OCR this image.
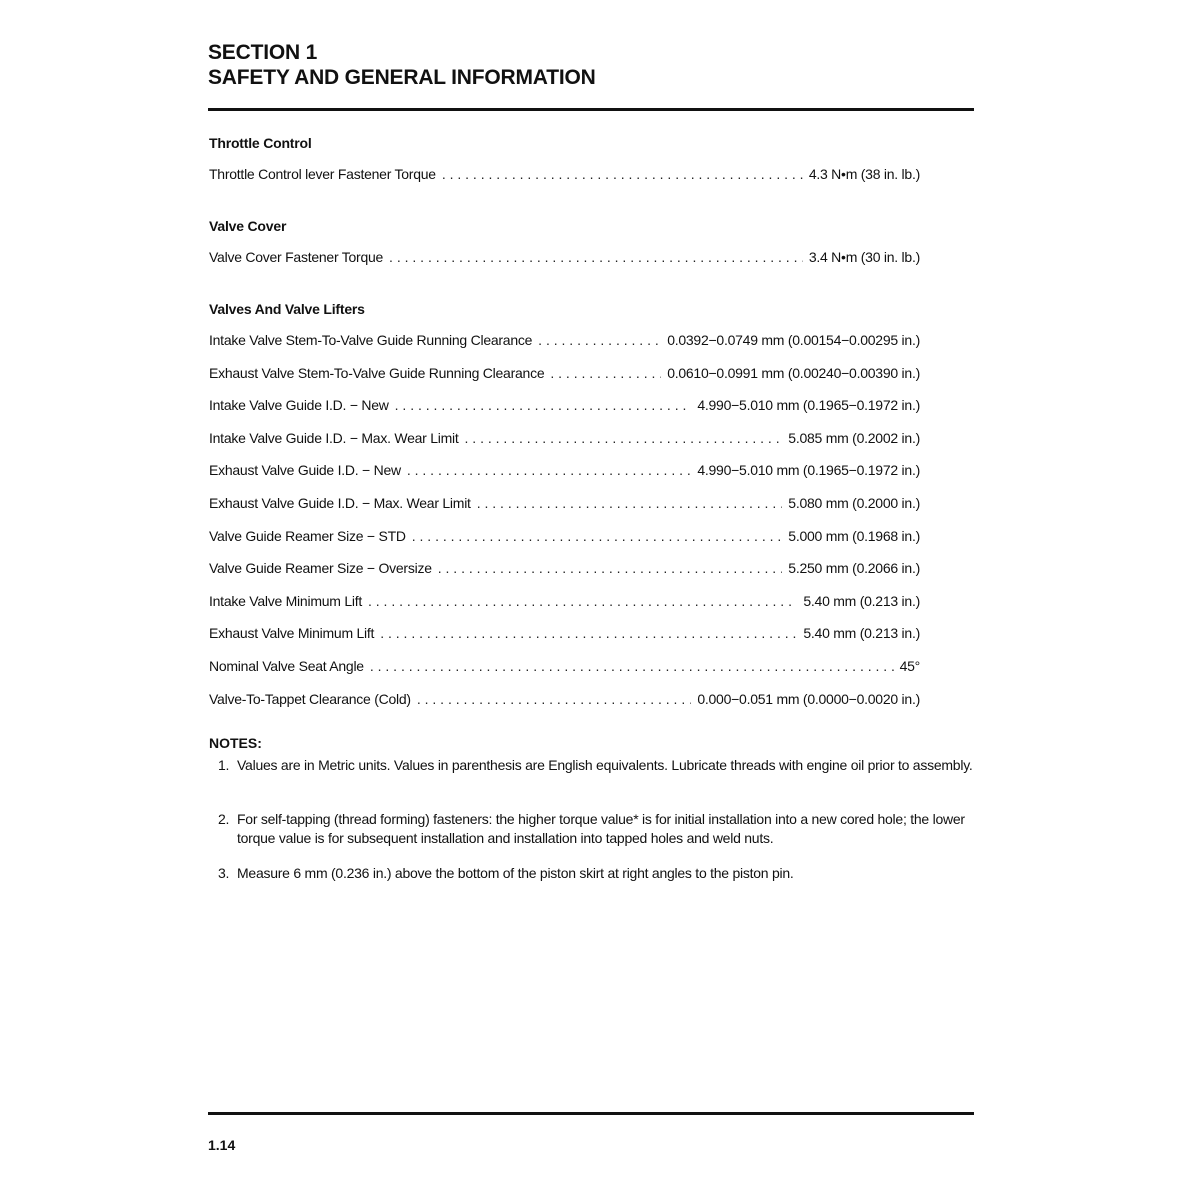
SECTION 1
SAFETY AND GENERAL INFORMATION
Throttle Control
Throttle Control lever Fastener Torque . . .	4.3 N•m (38 in. lb.)
Valve Cover
Valve Cover Fastener Torque . . .	3.4 N•m (30 in. lb.)
Valves And Valve Lifters
Intake Valve Stem-To-Valve Guide Running Clearance . . .	0.0392−0.0749 mm (0.00154−0.00295 in.)
Exhaust Valve Stem-To-Valve Guide Running Clearance . . .	0.0610−0.0991 mm (0.00240−0.00390 in.)
Intake Valve Guide I.D. − New . . .	4.990−5.010 mm (0.1965−0.1972 in.)
Intake Valve Guide I.D. − Max. Wear Limit . . .	5.085 mm (0.2002 in.)
Exhaust Valve Guide I.D. − New . . .	4.990−5.010 mm (0.1965−0.1972 in.)
Exhaust Valve Guide I.D. − Max. Wear Limit . . .	5.080 mm (0.2000 in.)
Valve Guide Reamer Size − STD . . .	5.000 mm (0.1968 in.)
Valve Guide Reamer Size − Oversize . . .	5.250 mm (0.2066 in.)
Intake Valve Minimum Lift . . .	5.40 mm (0.213 in.)
Exhaust Valve Minimum Lift . . .	5.40 mm (0.213 in.)
Nominal Valve Seat Angle . . .	45°
Valve-To-Tappet Clearance (Cold) . . .	0.000−0.051 mm (0.0000−0.0020 in.)
NOTES:
1. Values are in Metric units. Values in parenthesis are English equivalents. Lubricate threads with engine oil prior to assembly.
2. For self-tapping (thread forming) fasteners: the higher torque value* is for initial installation into a new cored hole; the lower torque value is for subsequent installation and installation into tapped holes and weld nuts.
3. Measure 6 mm (0.236 in.) above the bottom of the piston skirt at right angles to the piston pin.
1.14
